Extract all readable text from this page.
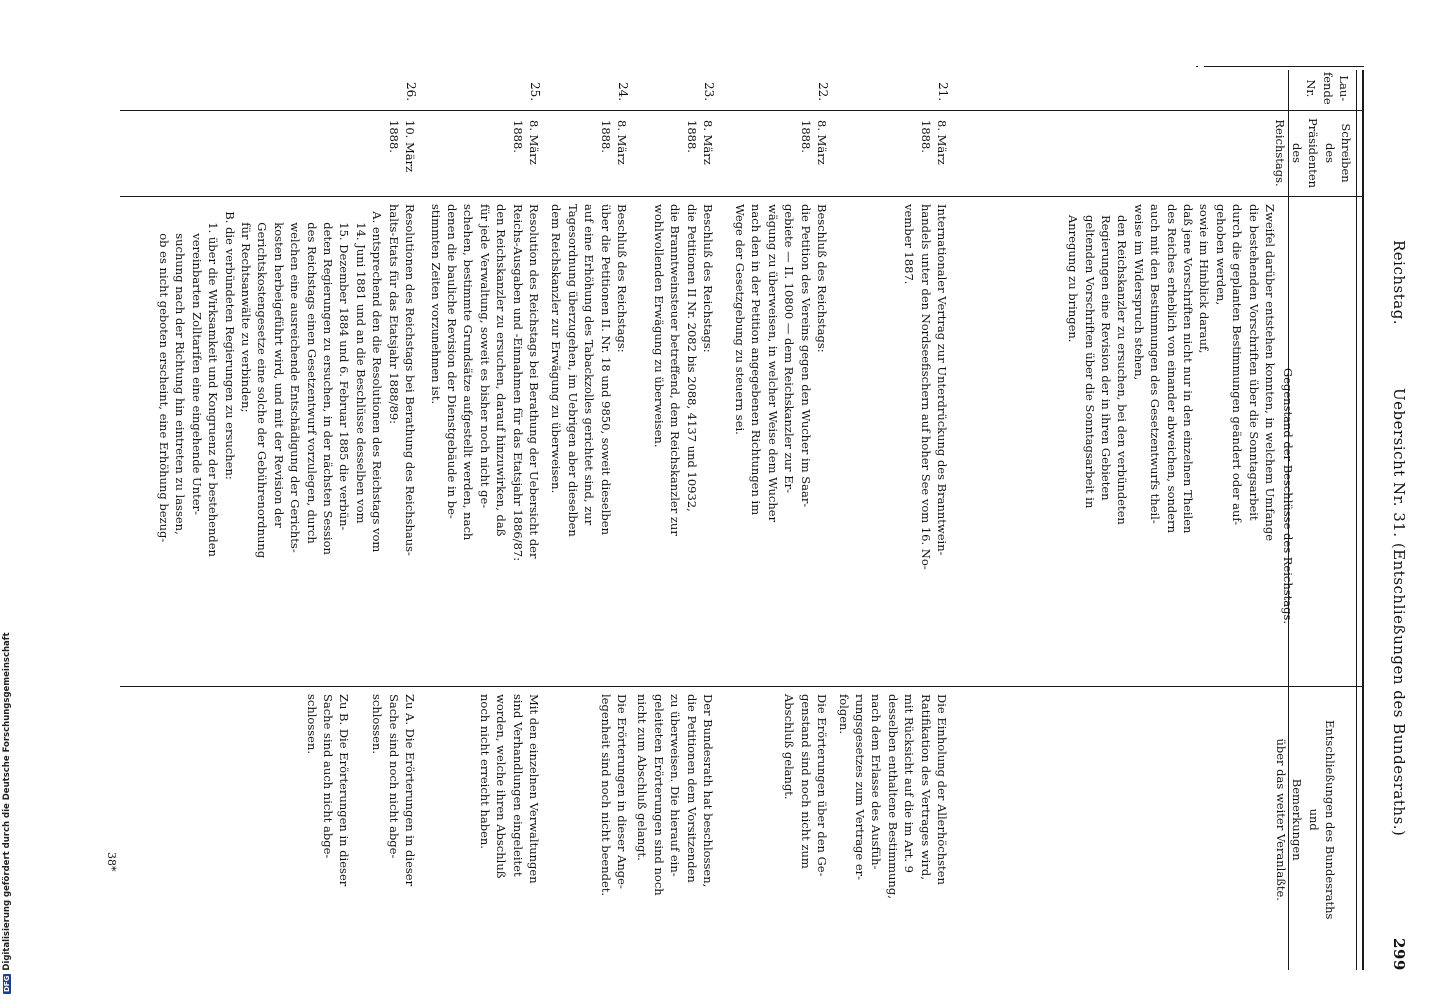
Reichstag.
Uebersicht Nr. 31. (Entschließungen des Bundesraths.)
299
Lau-
fende
Nr.
Schreiben
des
Präsidenten
des
Reichstags.
Gegenstand der Beschlüsse des Reichstags.
Entschließungen des Bundesraths
und
Bemerkungen
über das weiter Veranlaßte.
Zweifel darüber entstehen konnten, in welchem Umfange
die bestehenden Vorschriften über die Sonntagsarbeit
durch die geplanten Bestimmungen geändert oder auf-
gehoben werden,
sowie im Hinblick darauf,
daß jene Vorschriften nicht nur in den einzelnen Theilen
des Reiches erheblich von einander abweichen, sondern
auch mit den Bestimmungen des Gesetzentwurfs theil-
weise im Widerspruch stehen,
den Reichskanzler zu ersuchen, bei den verbündeten
Regierungen eine Revision der in ihren Gebieten
geltenden Vorschriften über die Sonntagsarbeit in
Anregung zu bringen.
21.
8. März
1888.
Internationaler Vertrag zur Unterdrückung des Branntwein-
handels unter den Nordseefischern auf hoher See vom 16. No-
vember 1887.
Die Einholung der Allerhöchsten
Ratifikation des Vertrages wird,
mit Rücksicht auf die im Art. 9
desselben enthaltene Bestimmung,
nach dem Erlasse des Ausfüh-
rungsgesetzes zum Vertrage er-
folgen.
22.
8. März
1888.
Beschluß des Reichstags:
die Petition des Vereins gegen den Wucher im Saar-
gebiete — II. 10800 — dem Reichskanzler zur Er-
wägung zu überweisen, in welcher Weise dem Wucher
nach den in der Petition angegebenen Richtungen im
Wege der Gesetzgebung zu steuern sei.
Die Erörterungen über den Ge-
genstand sind noch nicht zum
Abschluß gelangt.
23.
8. März
1888.
Beschluß des Reichstags:
die Petitionen II Nr. 2082 bis 2088, 4137 und 10932,
die Branntweinsteuer betreffend, dem Reichskanzler zur
wohlwollenden Erwägung zu überweisen.
Der Bundesrath hat beschlossen,
die Petitionen dem Vorsitzenden
zu überweisen. Die hierauf ein-
geleiteten Erörterungen sind noch
nicht zum Abschluß gelangt.
24.
8. März
1888.
Beschluß des Reichstags:
über die Petitionen II. Nr. 18 und 9850, soweit dieselben
auf eine Erhöhung des Tabackzolles gerichtet sind, zur
Tagesordnung überzugehen, im Uebrigen aber dieselben
dem Reichskanzler zur Erwägung zu überweisen.
Die Erörterungen in dieser Ange-
legenheit sind noch nicht beendet.
25.
8. März
1888.
Resolution des Reichstags bei Berathung der Uebersicht der
Reichs-Ausgaben und -Einnahmen für das Etatsjahr 1886/87:
den Reichskanzler zu ersuchen, darauf hinzuwirken, daß
für jede Verwaltung, soweit es bisher noch nicht ge-
schehen, bestimmte Grundsätze aufgestellt werden, nach
denen die bauliche Revision der Dienstgebäude in be-
stimmten Zeiten vorzunehmen ist.
Mit den einzelnen Verwaltungen
sind Verhandlungen eingeleitet
worden, welche ihren Abschluß
noch nicht erreicht haben.
26.
10. März
1888.
Resolutionen des Reichstags bei Berathung des Reichshaus-
halts-Etats für das Etatsjahr 1888/89:
A. entsprechend den die Resolutionen des Reichstags vom
14. Juni 1881 und an die Beschlüsse desselben vom
15. Dezember 1884 und 6. Februar 1885 die verbün-
deten Regierungen zu ersuchen, in der nächsten Session
des Reichstags einen Gesetzentwurf vorzulegen, durch
welchen eine ausreichende Entschädigung der Gerichts-
kosten herbeigeführt wird, und mit der Revision der
Gerichtskostengesetze eine solche der Gebührenordnung
für Rechtsanwälte zu verbinden;
B. die verbündeten Regierungen zu ersuchen:
1. über die Wirksamkeit und Kongruenz der bestehenden
vereinbarten Zolltarifen eine eingehende Unter-
suchung nach der Richtung hin eintreten zu lassen,
ob es nicht geboten erscheint, eine Erhöhung bezug-
Zu A. Die Erörterungen in dieser
Sache sind noch nicht abge-
schlossen.

Zu B. Die Erörterungen in dieser
Sache sind auch nicht abge-
schlossen.
38*
DFGDigitalisierung gefördert durch die Deutsche Forschungsgemeinschaft
